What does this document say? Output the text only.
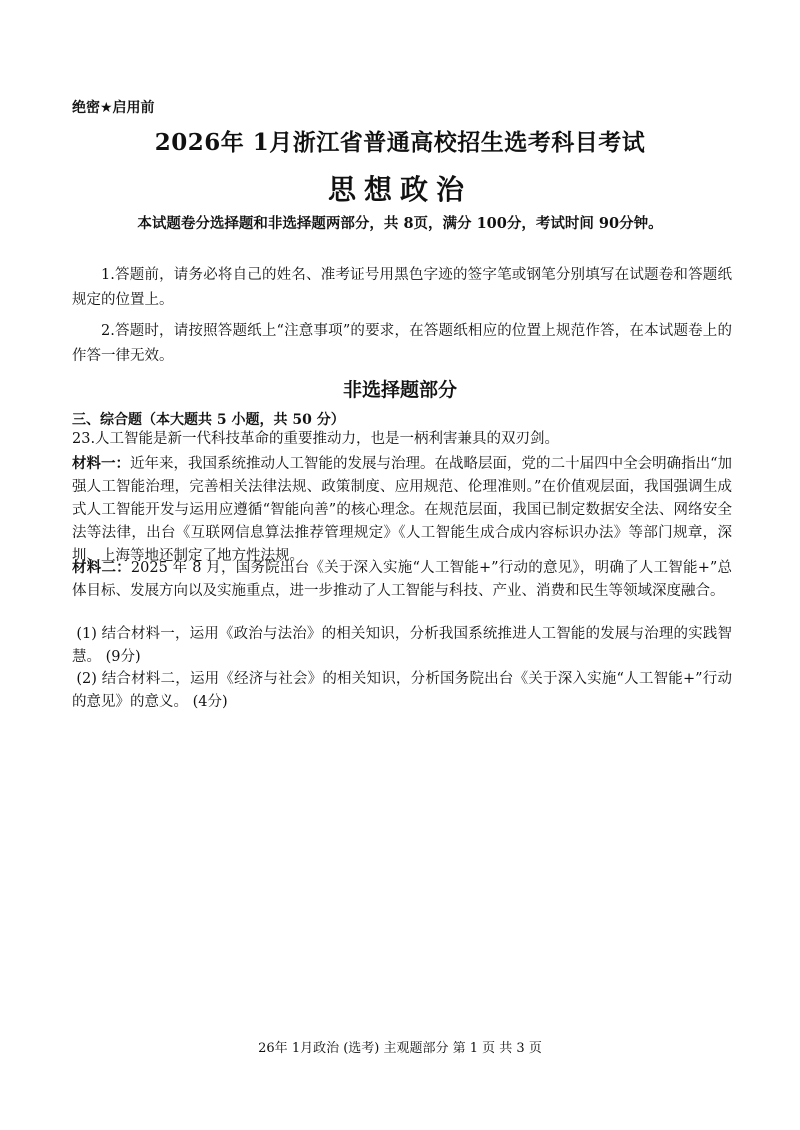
绝密★启用前
2026年 1月浙江省普通高校招生选考科目考试
思想政治
本试题卷分选择题和非选择题两部分，共 8页，满分 100分，考试时间 90分钟。
1.答题前，请务必将自己的姓名、准考证号用黑色字迹的签字笔或钢笔分别填写在试题卷和答题纸规定的位置上。
2.答题时，请按照答题纸上“注意事项”的要求，在答题纸相应的位置上规范作答，在本试题卷上的作答一律无效。
非选择题部分
三、综合题（本大题共 5 小题，共 50 分）
23.人工智能是新一代科技革命的重要推动力，也是一柄利害兼具的双刃剑。
材料一：近年来，我国系统推动人工智能的发展与治理。在战略层面，党的二十届四中全会明确指出“加强人工智能治理，完善相关法律法规、政策制度、应用规范、伦理准则。”在价值观层面，我国强调生成式人工智能开发与运用应遵循“智能向善”的核心理念。在规范层面，我国已制定数据安全法、网络安全法等法律，出台《互联网信息算法推荐管理规定》《人工智能生成合成内容标识办法》等部门规章，深圳、上海等地还制定了地方性法规。
材料二：2025 年 8 月，国务院出台《关于深入实施“人工智能+”行动的意见》，明确了人工智能+”总体目标、发展方向以及实施重点，进一步推动了人工智能与科技、产业、消费和民生等领域深度融合。
(1) 结合材料一，运用《政治与法治》的相关知识，分析我国系统推进人工智能的发展与治理的实践智慧。 (9分)
(2) 结合材料二，运用《经济与社会》的相关知识，分析国务院出台《关于深入实施“人工智能+”行动的意见》的意义。 (4分)
26年 1月政治 (选考) 主观题部分 第 1 页 共 3 页
